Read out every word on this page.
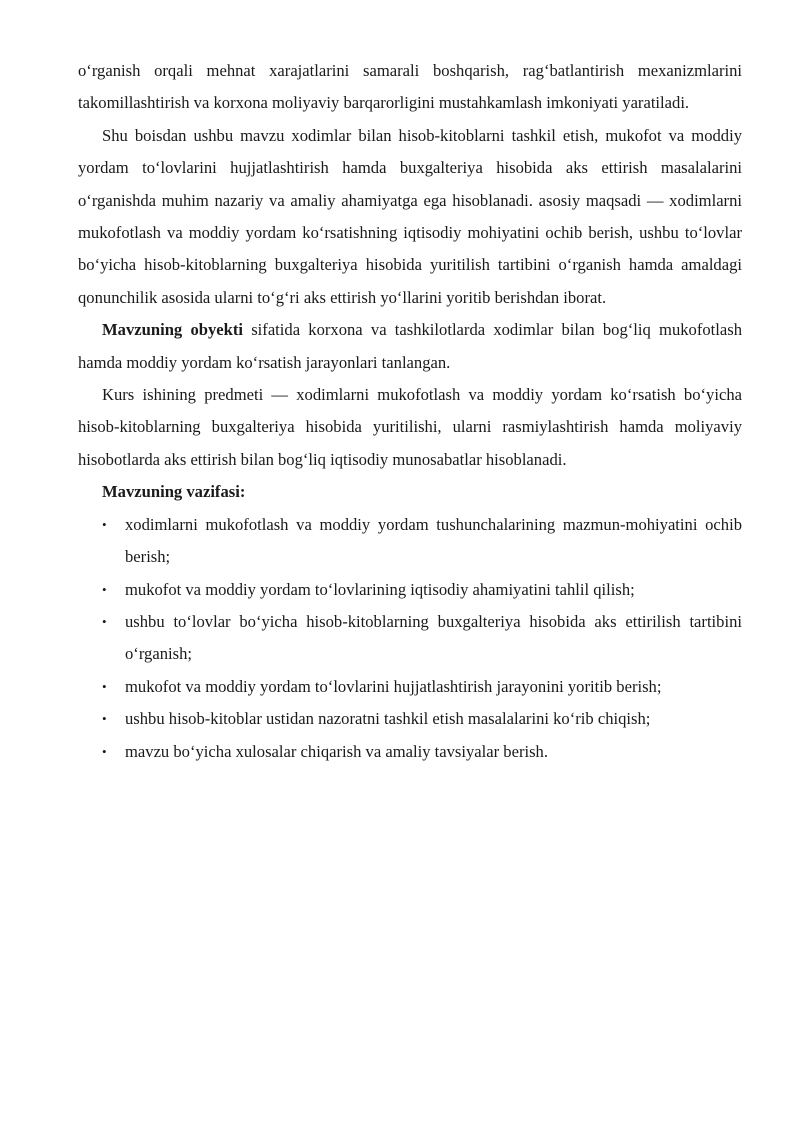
oʻrganish orqali mehnat xarajatlarini samarali boshqarish, ragʻbatlantirish mexanizmlarini takomillashtirish va korxona moliyaviy barqarorligini mustahkamlash imkoniyati yaratiladi.

Shu boisdan ushbu mavzu xodimlar bilan hisob-kitoblarni tashkil etish, mukofot va moddiy yordam toʻlovlarini hujjatlashtirish hamda buxgalteriya hisobida aks ettirish masalalarini oʻrganishda muhim nazariy va amaliy ahamiyatga ega hisoblanadi. asosiy maqsadi — xodimlarni mukofotlash va moddiy yordam koʻrsatishning iqtisodiy mohiyatini ochib berish, ushbu toʻlovlar boʻyicha hisob-kitoblarning buxgalteriya hisobida yuritilish tartibini oʻrganish hamda amaldagi qonunchilik asosida ularni toʻgʻri aks ettirish yoʻllarini yoritib berishdan iborat.

Mavzuning obyekti sifatida korxona va tashkilotlarda xodimlar bilan bogʻliq mukofotlash hamda moddiy yordam koʻrsatish jarayonlari tanlangan.

Kurs ishining predmeti — xodimlarni mukofotlash va moddiy yordam koʻrsatish boʻyicha hisob-kitoblarning buxgalteriya hisobida yuritilishi, ularni rasmiylashtirish hamda moliyaviy hisobotlarda aks ettirish bilan bogʻliq iqtisodiy munosabatlar hisoblanadi.

Mavzuning vazifasi:

• xodimlarni mukofotlash va moddiy yordam tushunchalarining mazmun-mohiyatini ochib berish;
• mukofot va moddiy yordam toʻlovlarining iqtisodiy ahamiyatini tahlil qilish;
• ushbu toʻlovlar boʻyicha hisob-kitoblarning buxgalteriya hisobida aks ettirilish tartibini oʻrganish;
• mukofot va moddiy yordam toʻlovlarini hujjatlashtirish jarayonini yoritib berish;
• ushbu hisob-kitoblar ustidan nazoratni tashkil etish masalalarini koʻrib chiqish;
• mavzu boʻyicha xulosalar chiqarish va amaliy tavsiyalar berish.
